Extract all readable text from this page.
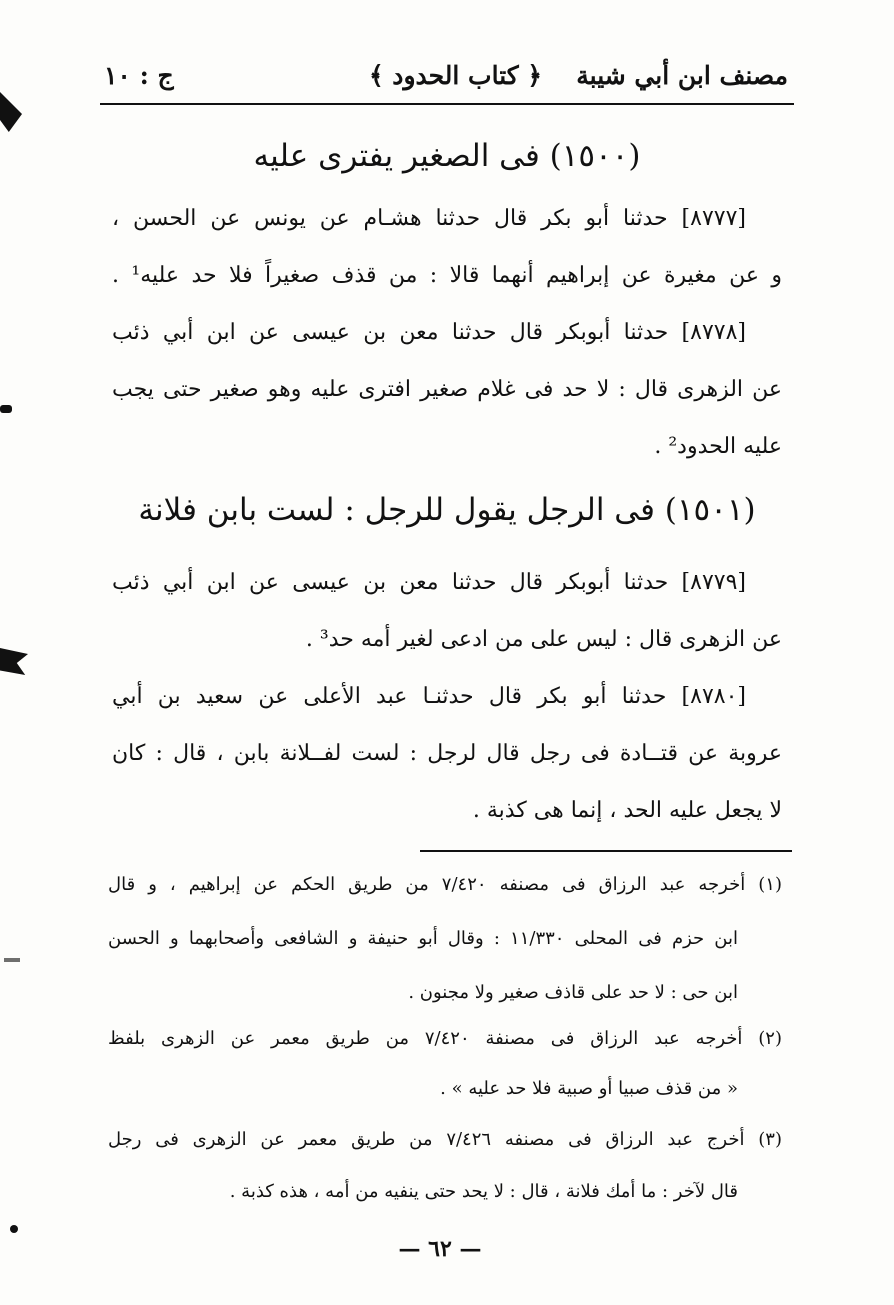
مصنف ابن أبي شيبة
﴿ كتاب الحدود ﴾
ج : ١٠
(١٥٠٠) فى الصغير يفترى عليه
[٨٧٧٧] حدثنا أبو بكر قال حدثنا هشـام عن يونس عن الحسن ،
و عن مغيرة عن إبراهيم أنهما قالا : من قذف صغيراً فلا حد عليه¹ .
[٨٧٧٨] حدثنا أبوبكر قال حدثنا معن بن عيسى عن ابن أبي ذئب
عن الزهرى قال : لا حد فى غلام صغير افترى عليه وهو صغير حتى يجب
عليه الحدود² .
(١٥٠١) فى الرجل يقول للرجل : لست بابن فلانة
[٨٧٧٩] حدثنا أبوبكر قال حدثنا معن بن عيسى عن ابن أبي ذئب
عن الزهرى قال : ليس على من ادعى لغير أمه حد³ .
[٨٧٨٠] حدثنا أبو بكر قال حدثنـا عبد الأعلى عن سعيد بن أبي
عروبة عن قتــادة فى رجل قال لرجل : لست لفــلانة بابن ، قال : كان
لا يجعل عليه الحد ، إنما هى كذبة .
(١) أخرجه عبد الرزاق فى مصنفه ٧/٤٢٠ من طريق الحكم عن إبراهيم ، و قال
ابن حزم فى المحلى ١١/٣٣٠ : وقال أبو حنيفة و الشافعى وأصحابهما و الحسن
ابن حى : لا حد على قاذف صغير ولا مجنون .
(٢) أخرجه عبد الرزاق فى مصنفة ٧/٤٢٠ من طريق معمر عن الزهرى بلفظ
« من قذف صبيا أو صبية فلا حد عليه » .
(٣) أخرج عبد الرزاق فى مصنفه ٧/٤٢٦ من طريق معمر عن الزهرى فى رجل
قال لآخر : ما أمك فلانة ، قال : لا يحد حتى ينفيه من أمه ، هذه كذبة .
— ٦٢ —
